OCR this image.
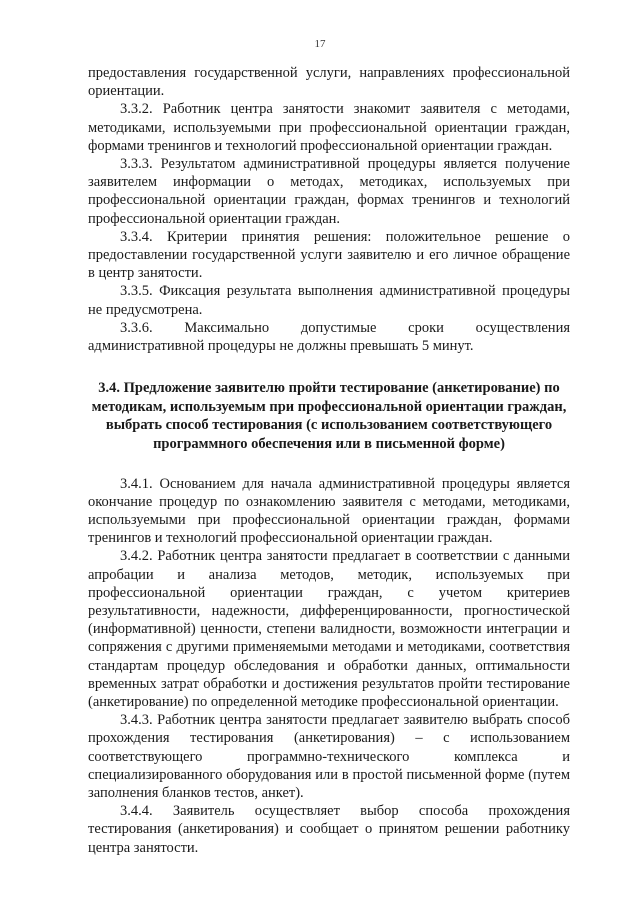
17

предоставления государственной услуги, направлениях профессиональной ориентации.

3.3.2. Работник центра занятости знакомит заявителя с методами, методиками, используемыми при профессиональной ориентации граждан, формами тренингов и технологий профессиональной ориентации граждан.

3.3.3. Результатом административной процедуры является получение заявителем информации о методах, методиках, используемых при профессиональной ориентации граждан, формах тренингов и технологий профессиональной ориентации граждан.

3.3.4. Критерии принятия решения: положительное решение о предоставлении государственной услуги заявителю и его личное обращение в центр занятости.

3.3.5. Фиксация результата выполнения административной процедуры не предусмотрена.

3.3.6. Максимально допустимые сроки осуществления административной процедуры не должны превышать 5 минут.

3.4. Предложение заявителю пройти тестирование (анкетирование) по методикам, используемым при профессиональной ориентации граждан, выбрать способ тестирования (с использованием соответствующего программного обеспечения или в письменной форме)

3.4.1. Основанием для начала административной процедуры является окончание процедур по ознакомлению заявителя с методами, методиками, используемыми при профессиональной ориентации граждан, формами тренингов и технологий профессиональной ориентации граждан.

3.4.2. Работник центра занятости предлагает в соответствии с данными апробации и анализа методов, методик, используемых при профессиональной ориентации граждан, с учетом критериев результативности, надежности, дифференцированности, прогностической (информативной) ценности, степени валидности, возможности интеграции и сопряжения с другими применяемыми методами и методиками, соответствия стандартам процедур обследования и обработки данных, оптимальности временных затрат обработки и достижения результатов пройти тестирование (анкетирование) по определенной методике профессиональной ориентации.

3.4.3. Работник центра занятости предлагает заявителю выбрать способ прохождения тестирования (анкетирования) – с использованием соответствующего программно-технического комплекса и специализированного оборудования или в простой письменной форме (путем заполнения бланков тестов, анкет).

3.4.4. Заявитель осуществляет выбор способа прохождения тестирования (анкетирования) и сообщает о принятом решении работнику центра занятости.
